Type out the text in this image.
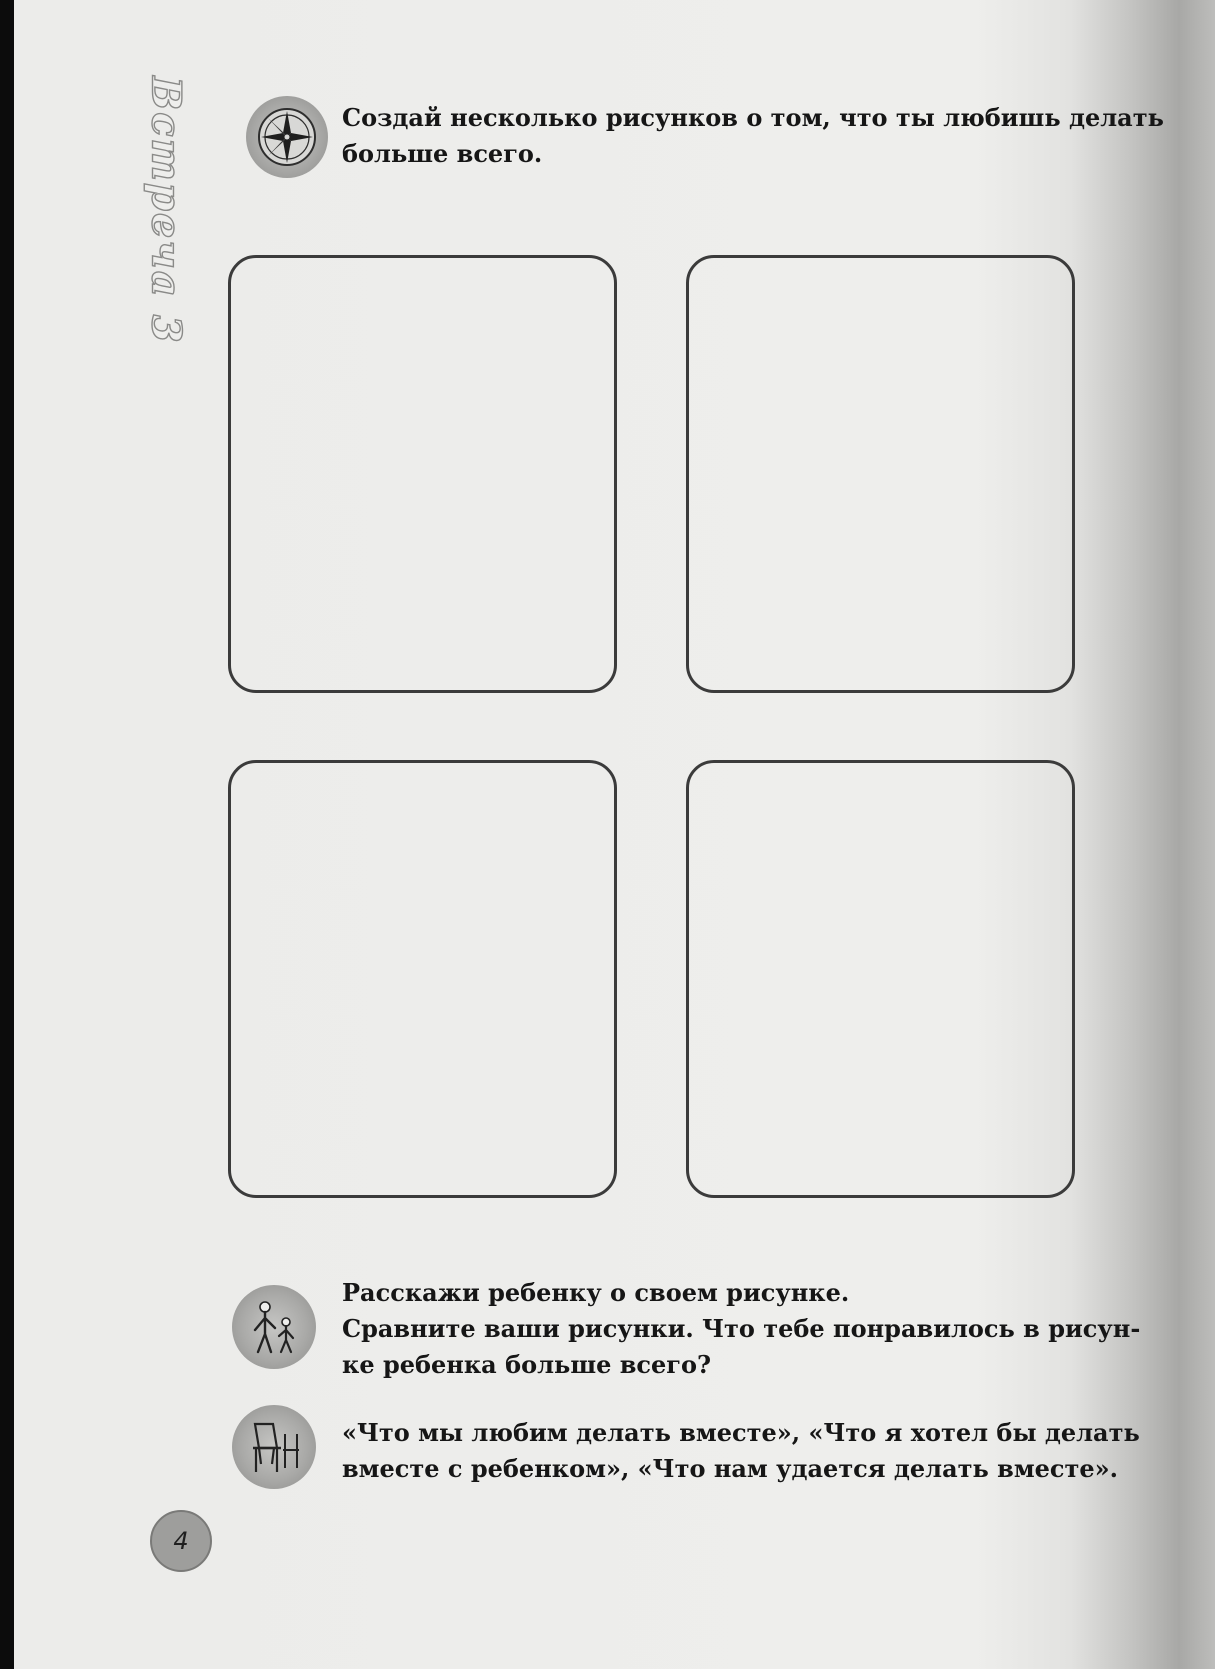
Встреча 3	Создай несколько рисунков о том, что ты любишь делать

больше всего.

Расскажи ребенку о своем рисунке.

Сравните ваши рисунки. Что тебе понравилось в рисун-

ке ребенка больше всего?

«Что мы любим делать вместе», «Что я хотел бы делать

вместе с ребенком», «Что нам удается делать вместе».

4
